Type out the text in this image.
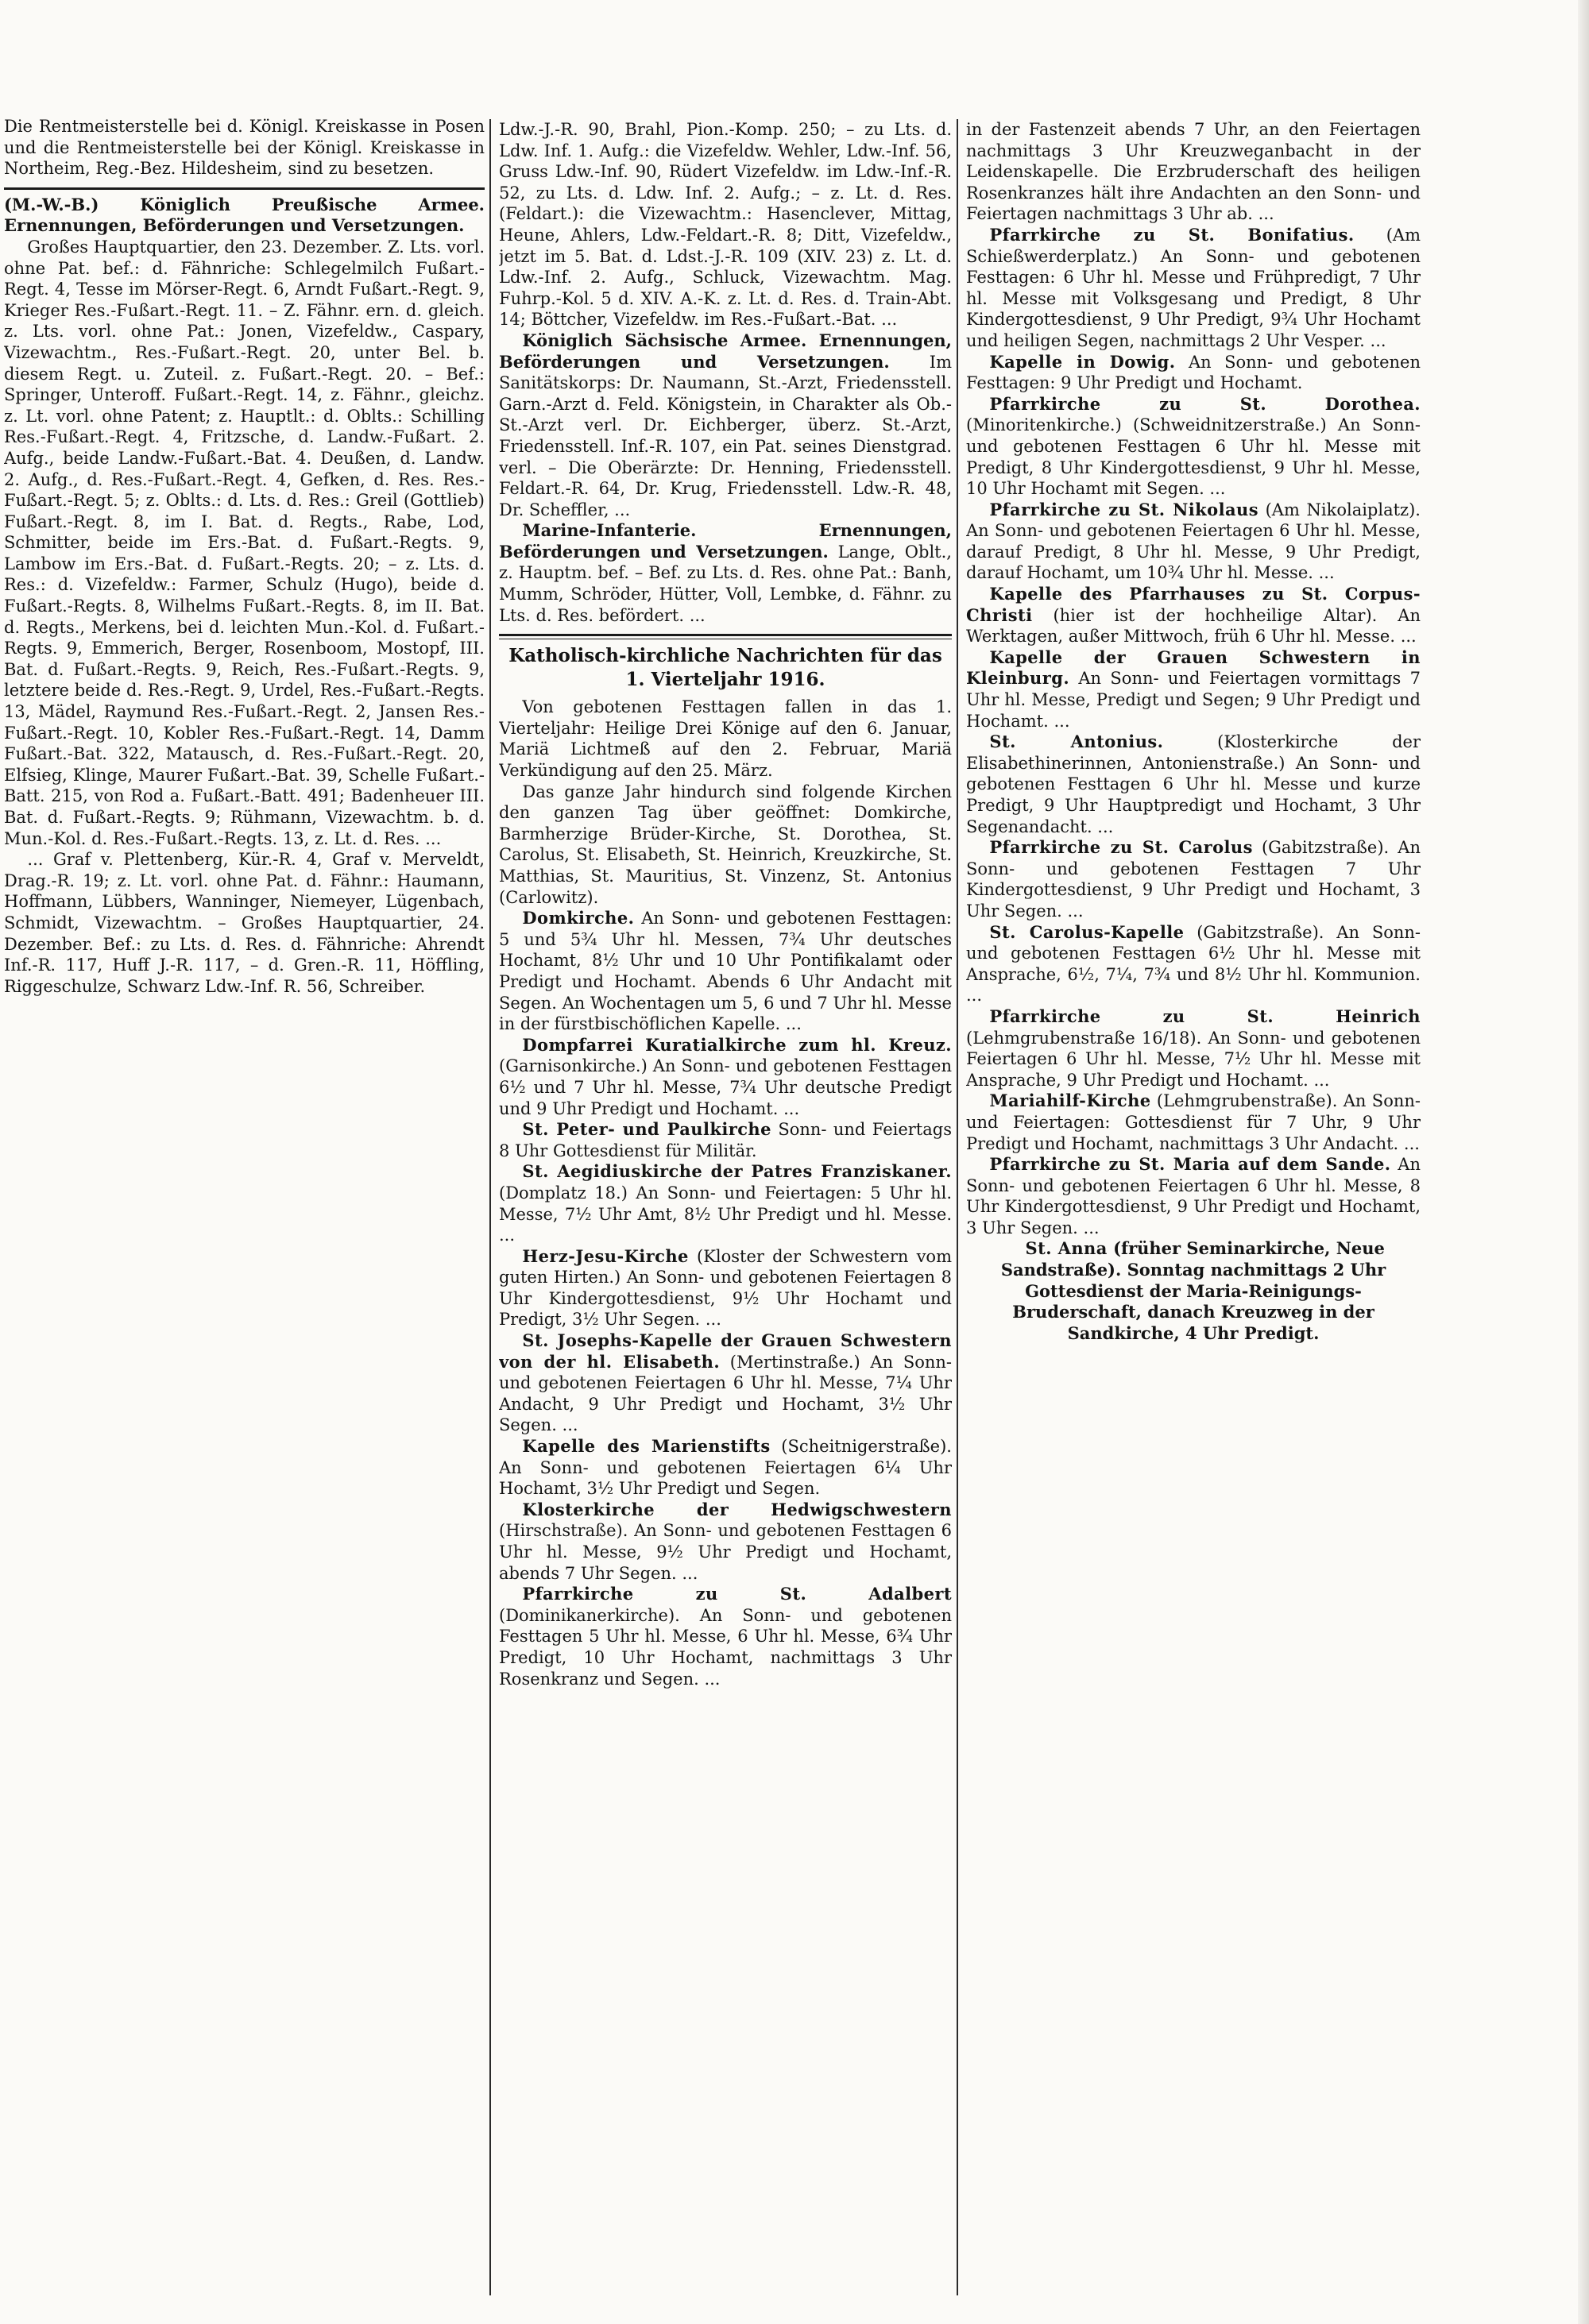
Die Rentmeisterstelle bei d. Königl. Kreiskasse in Posen und die Rentmeisterstelle bei der Königl. Kreiskasse in Northeim, Reg.-Bez. Hildesheim, sind zu besetzen.

(M.-W.-B.) Königlich Preußische Armee. Ernennungen, Beförderungen und Versetzungen.

Großes Hauptquartier, den 23. Dezember. Z. Lts. vorl. ohne Pat. bef.: d. Fähnriche: Schlegelmilch Fußart.-Regt. 4, Tesse im Mörser-Regt. 6, Arndt Fußart.-Regt. 9, Krieger Res.-Fußart.-Regt. 11. – Z. Fähnr. ern. d. gleich. z. Lts. vorl. ohne Pat.: Jonen, Vizefeldw., Caspary, Vizewachtm., Res.-Fußart.-Regt. 20, unter Bel. b. diesem Regt. u. Zuteil. z. Fußart.-Regt. 20. – Bef.: Springer, Unteroff. Fußart.-Regt. 14, z. Fähnr., gleichz. z. Lt. vorl. ohne Patent; z. Hauptlt.: d. Oblts.: Schilling Res.-Fußart.-Regt. 4, Fritzsche, d. Landw.-Fußart. 2. Aufg., beide Landw.-Fußart.-Bat. 4. Deußen, d. Landw. 2. Aufg., d. Res.-Fußart.-Regt. 4, Gefken, d. Res. Res.-Fußart.-Regt. 5; z. Oblts.: d. Lts. d. Res.: Greil (Gottlieb) Fußart.-Regt. 8, im I. Bat. d. Regts., Rabe, Lod, Schmitter, beide im Ers.-Bat. d. Fußart.-Regts. 9, Lambow im Ers.-Bat. d. Fußart.-Regts. 20; – z. Lts. d. Res.: d. Vizefeldw.: Farmer, Schulz (Hugo), beide d. Fußart.-Regts. 8, Wilhelms Fußart.-Regts. 8, im II. Bat. d. Regts., Merkens, bei d. leichten Mun.-Kol. d. Fußart.-Regts. 9, Emmerich, Berger, Rosenboom, Mostopf, III. Bat. d. Fußart.-Regts. 9, Reich, Res.-Fußart.-Regts. 9, letztere beide d. Res.-Regt. 9, Urdel, Res.-Fußart.-Regts. 13, Mädel, Raymund Res.-Fußart.-Regt. 2, Jansen Res.-Fußart.-Regt. 10, Kobler Res.-Fußart.-Regt. 14, Damm Fußart.-Bat. 322, Matausch, d. Res.-Fußart.-Regt. 20, Elfsieg, Klinge, Maurer Fußart.-Bat. 39, Schelle Fußart.-Batt. 215, von Rod a. Fußart.-Batt. 491; Badenheuer III. Bat. d. Fußart.-Regts. 9; Rühmann, Vizewachtm. b. d. Mun.-Kol. d. Res.-Fußart.-Regts. 13, z. Lt. d. Res. ...

... Graf v. Plettenberg, Kür.-R. 4, Graf v. Merveldt, Drag.-R. 19; z. Lt. vorl. ohne Pat. d. Fähnr.: Haumann, Hoffmann, Lübbers, Wanninger, Niemeyer, Lügenbach, Schmidt, Vizewachtm. – Großes Hauptquartier, 24. Dezember. Bef.: zu Lts. d. Res. d. Fähnriche: Ahrendt Inf.-R. 117, Huff J.-R. 117, – d. Gren.-R. 11, Höffling, Riggeschulze, Schwarz Ldw.-Inf. R. 56, Schreiber.

Ldw.-J.-R. 90, Brahl, Pion.-Komp. 250; – zu Lts. d. Ldw. Inf. 1. Aufg.: die Vizefeldw. Wehler, Ldw.-Inf. 56, Gruss Ldw.-Inf. 90, Rüdert Vizefeldw. im Ldw.-Inf.-R. 52, zu Lts. d. Ldw. Inf. 2. Aufg.; – z. Lt. d. Res. (Feldart.): die Vizewachtm.: Hasenclever, Mittag, Heune, Ahlers, Ldw.-Feldart.-R. 8; Ditt, Vizefeldw., jetzt im 5. Bat. d. Ldst.-J.-R. 109 (XIV. 23) z. Lt. d. Ldw.-Inf. 2. Aufg., Schluck, Vizewachtm. Mag. Fuhrp.-Kol. 5 d. XIV. A.-K. z. Lt. d. Res. d. Train-Abt. 14; Böttcher, Vizefeldw. im Res.-Fußart.-Bat. ...

Königlich Sächsische Armee. Ernennungen, Beförderungen und Versetzungen. Im Sanitätskorps: Dr. Naumann, St.-Arzt, Friedensstell. Garn.-Arzt d. Feld. Königstein, in Charakter als Ob.-St.-Arzt verl. Dr. Eichberger, überz. St.-Arzt, Friedensstell. Inf.-R. 107, ein Pat. seines Dienstgrad. verl. – Die Oberärzte: Dr. Henning, Friedensstell. Feldart.-R. 64, Dr. Krug, Friedensstell. Ldw.-R. 48, Dr. Scheffler, ...

Marine-Infanterie. Ernennungen, Beförderungen und Versetzungen. Lange, Oblt., z. Hauptm. bef. – Bef. zu Lts. d. Res. ohne Pat.: Banh, Mumm, Schröder, Hütter, Voll, Lembke, d. Fähnr. zu Lts. d. Res. befördert. ...

Katholisch-kirchliche Nachrichten für das 1. Vierteljahr 1916.

Von gebotenen Festtagen fallen in das 1. Vierteljahr: Heilige Drei Könige auf den 6. Januar, Mariä Lichtmeß auf den 2. Februar, Mariä Verkündigung auf den 25. März.

Das ganze Jahr hindurch sind folgende Kirchen den ganzen Tag über geöffnet: Domkirche, Barmherzige Brüder-Kirche, St. Dorothea, St. Carolus, St. Elisabeth, St. Heinrich, Kreuzkirche, St. Matthias, St. Mauritius, St. Vinzenz, St. Antonius (Carlowitz).

Domkirche. An Sonn- und gebotenen Festtagen: 5 und 5¾ Uhr hl. Messen, 7¾ Uhr deutsches Hochamt, 8½ Uhr und 10 Uhr Pontifikalamt oder Predigt und Hochamt. Abends 6 Uhr Andacht mit Segen. An Wochentagen um 5, 6 und 7 Uhr hl. Messe in der fürstbischöflichen Kapelle. ...

Dompfarrei Kuratialkirche zum hl. Kreuz. (Garnisonkirche.) An Sonn- und gebotenen Festtagen 6½ und 7 Uhr hl. Messe, 7¾ Uhr deutsche Predigt und 9 Uhr Predigt und Hochamt. ...

St. Peter- und Paulkirche Sonn- und Feiertags 8 Uhr Gottesdienst für Militär.

St. Aegidiuskirche der Patres Franziskaner. (Domplatz 18.) An Sonn- und Feiertagen: 5 Uhr hl. Messe, 7½ Uhr Amt, 8½ Uhr Predigt und hl. Messe. ...

Herz-Jesu-Kirche (Kloster der Schwestern vom guten Hirten.) An Sonn- und gebotenen Feiertagen 8 Uhr Kindergottesdienst, 9½ Uhr Hochamt und Predigt, 3½ Uhr Segen. ...

St. Josephs-Kapelle der Grauen Schwestern von der hl. Elisabeth. (Mertinstraße.) An Sonn- und gebotenen Feiertagen 6 Uhr hl. Messe, 7¼ Uhr Andacht, 9 Uhr Predigt und Hochamt, 3½ Uhr Segen. ...

Kapelle des Marienstifts (Scheitnigerstraße). An Sonn- und gebotenen Feiertagen 6¼ Uhr Hochamt, 3½ Uhr Predigt und Segen.

Klosterkirche der Hedwigschwestern (Hirschstraße). An Sonn- und gebotenen Festtagen 6 Uhr hl. Messe, 9½ Uhr Predigt und Hochamt, abends 7 Uhr Segen. ...

Pfarrkirche zu St. Adalbert (Dominikanerkirche). An Sonn- und gebotenen Festtagen 5 Uhr hl. Messe, 6 Uhr hl. Messe, 6¾ Uhr Predigt, 10 Uhr Hochamt, nachmittags 3 Uhr Rosenkranz und Segen. ...

in der Fastenzeit abends 7 Uhr, an den Feiertagen nachmittags 3 Uhr Kreuzweganbacht in der Leidenskapelle. Die Erzbruderschaft des heiligen Rosenkranzes hält ihre Andachten an den Sonn- und Feiertagen nachmittags 3 Uhr ab. ...

Pfarrkirche zu St. Bonifatius. (Am Schießwerderplatz.) An Sonn- und gebotenen Festtagen: 6 Uhr hl. Messe und Frühpredigt, 7 Uhr hl. Messe mit Volksgesang und Predigt, 8 Uhr Kindergottesdienst, 9 Uhr Predigt, 9¾ Uhr Hochamt und heiligen Segen, nachmittags 2 Uhr Vesper. ...

Kapelle in Dowig. An Sonn- und gebotenen Festtagen: 9 Uhr Predigt und Hochamt.

Pfarrkirche zu St. Dorothea. (Minoritenkirche.) (Schweidnitzerstraße.) An Sonn- und gebotenen Festtagen 6 Uhr hl. Messe mit Predigt, 8 Uhr Kindergottesdienst, 9 Uhr hl. Messe, 10 Uhr Hochamt mit Segen. ...

Pfarrkirche zu St. Nikolaus (Am Nikolaiplatz). An Sonn- und gebotenen Feiertagen 6 Uhr hl. Messe, darauf Predigt, 8 Uhr hl. Messe, 9 Uhr Predigt, darauf Hochamt, um 10¾ Uhr hl. Messe. ...

Kapelle des Pfarrhauses zu St. Corpus-Christi (hier ist der hochheilige Altar). An Werktagen, außer Mittwoch, früh 6 Uhr hl. Messe. ...

Kapelle der Grauen Schwestern in Kleinburg. An Sonn- und Feiertagen vormittags 7 Uhr hl. Messe, Predigt und Segen; 9 Uhr Predigt und Hochamt. ...

St. Antonius.	(Klosterkirche der Elisabethinerinnen, Antonienstraße.) An Sonn- und gebotenen Festtagen 6 Uhr hl. Messe und kurze Predigt, 9 Uhr Hauptpredigt und Hochamt, 3 Uhr Segenandacht. ...

Pfarrkirche zu St. Carolus (Gabitzstraße). An Sonn- und gebotenen Festtagen 7 Uhr Kindergottesdienst, 9 Uhr Predigt und Hochamt, 3 Uhr Segen. ...

St. Carolus-Kapelle (Gabitzstraße). An Sonn- und gebotenen Festtagen 6½ Uhr hl. Messe mit Ansprache, 6½, 7¼, 7¾ und 8½ Uhr hl. Kommunion. ...

Pfarrkirche zu St. Heinrich (Lehmgrubenstraße 16/18). An Sonn- und gebotenen Feiertagen 6 Uhr hl. Messe, 7½ Uhr hl. Messe mit Ansprache, 9 Uhr Predigt und Hochamt. ...

Mariahilf-Kirche (Lehmgrubenstraße). An Sonn- und Feiertagen: Gottesdienst für 7 Uhr, 9 Uhr Predigt und Hochamt, nachmittags 3 Uhr Andacht. ...

Pfarrkirche zu St. Maria auf dem Sande. An Sonn- und gebotenen Feiertagen 6 Uhr hl. Messe, 8 Uhr Kindergottesdienst, 9 Uhr Predigt und Hochamt, 3 Uhr Segen. ...

St. Anna (früher Seminarkirche, Neue Sandstraße). Sonntag nachmittags 2 Uhr Gottesdienst der Maria-Reinigungs-Bruderschaft, danach Kreuzweg in der Sandkirche, 4 Uhr Predigt.
